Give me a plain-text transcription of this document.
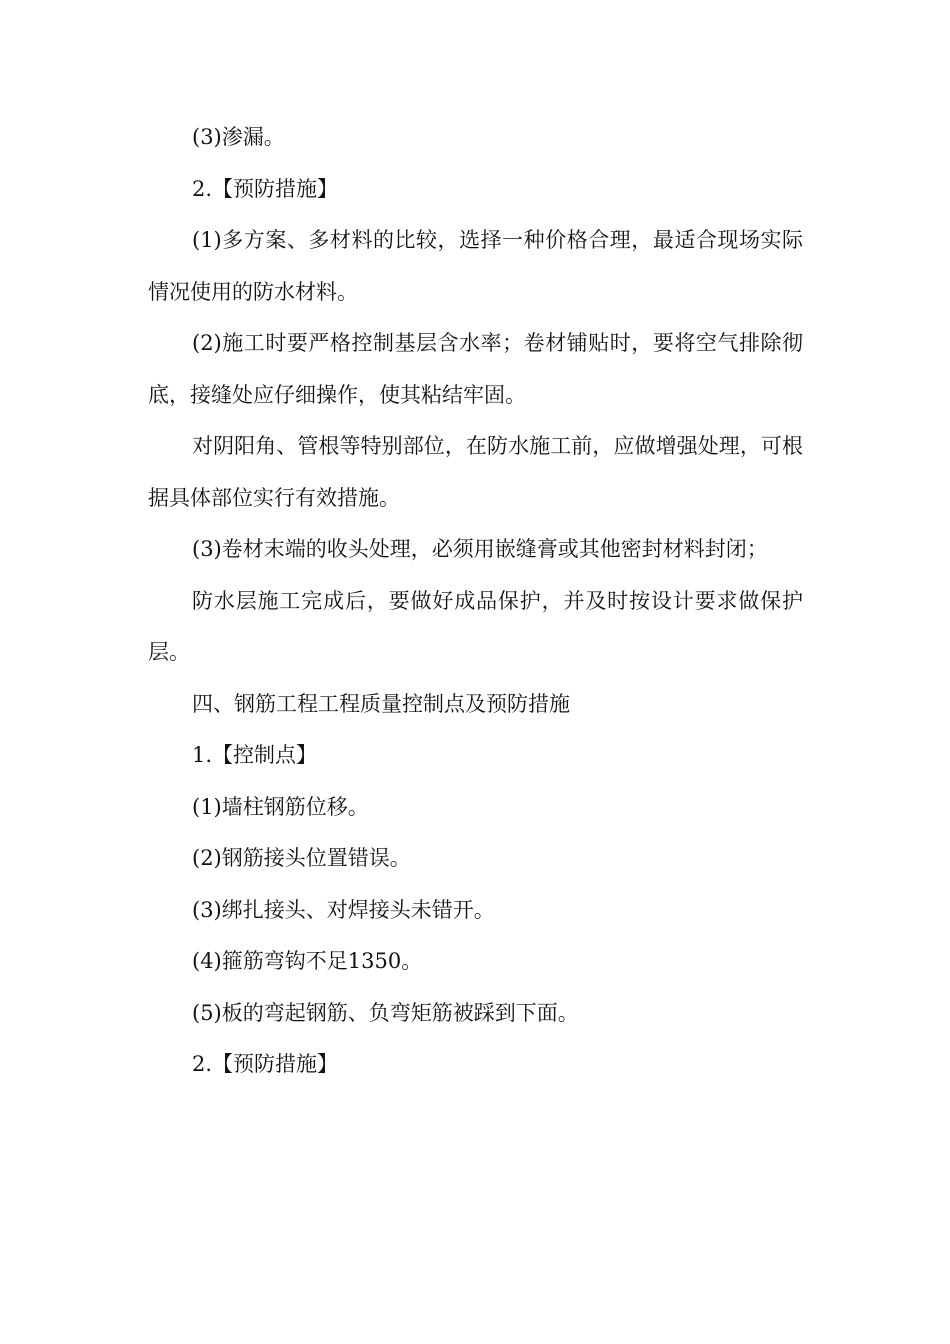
(3)渗漏。

2.【预防措施】

(1)多方案、多材料的比较，选择一种价格合理，最适合现场实际情况使用的防水材料。

(2)施工时要严格控制基层含水率；卷材铺贴时，要将空气排除彻底，接缝处应仔细操作，使其粘结牢固。

对阴阳角、管根等特别部位，在防水施工前，应做增强处理，可根据具体部位实行有效措施。

(3)卷材末端的收头处理，必须用嵌缝膏或其他密封材料封闭；

防水层施工完成后，要做好成品保护，并及时按设计要求做保护层。

四、钢筋工程工程质量控制点及预防措施

1.【控制点】

(1)墙柱钢筋位移。

(2)钢筋接头位置错误。

(3)绑扎接头、对焊接头未错开。

(4)箍筋弯钩不足1350。

(5)板的弯起钢筋、负弯矩筋被踩到下面。

2.【预防措施】
